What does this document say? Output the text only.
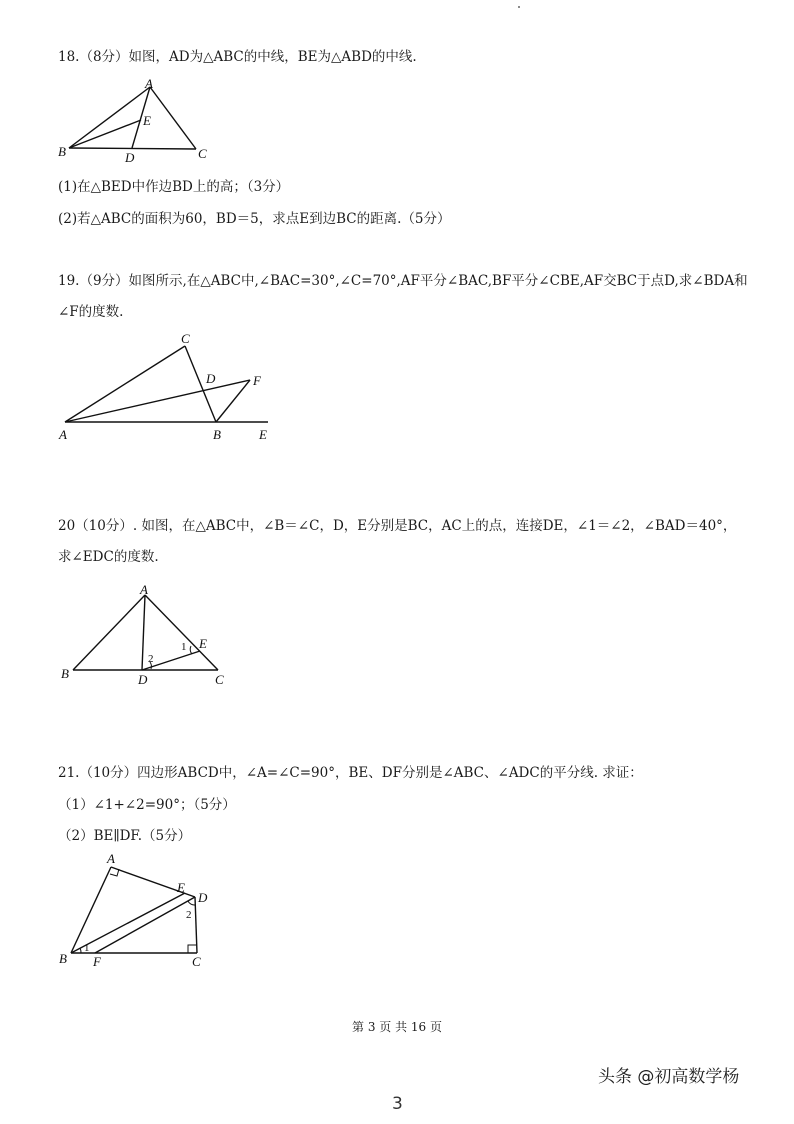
18.（8分）如图，AD为△ABC的中线，BE为△ABD的中线.
A
B	C
D
E
(1)在△BED中作边BD上的高；（3分）
(2)若△ABC的面积为60，BD＝5，求点E到边BC的距离.（5分）
19.（9分）如图所示,在△ABC中,∠BAC=30°,∠C=70°,AF平分∠BAC,BF平分∠CBE,AF交BC于点D,求∠BDA和
∠F的度数.
C
D	F
A	B	E
20（10分）. 如图，在△ABC中，∠B＝∠C，D，E分别是BC，AC上的点，连接DE，∠1＝∠2，∠BAD＝40°，
求∠EDC的度数.
A
B	D	C
E
1
2
21.（10分）四边形ABCD中，∠A=∠C=90°，BE、DF分别是∠ABC、∠ADC的平分线. 求证：
（1）∠1+∠2=90°；（5分）
（2）BE∥DF.（5分）
A
E
D
B F	C
1
2
第 3 页 共 16 页
头条 @初高数学杨
3
